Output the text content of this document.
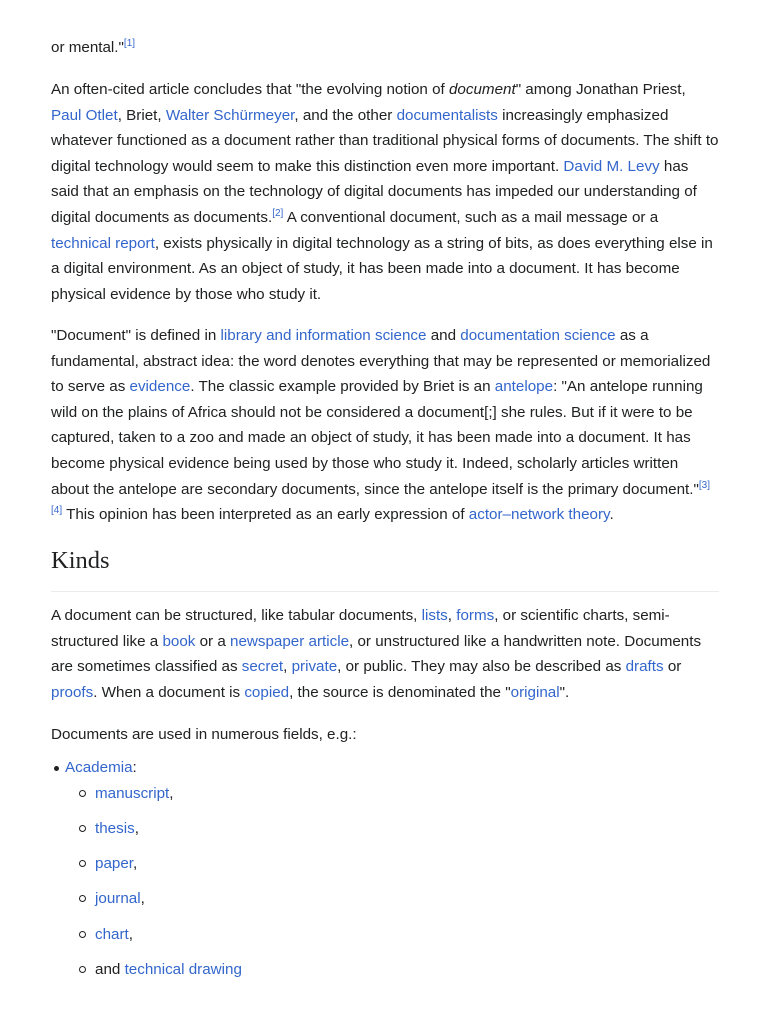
or mental."[1]

An often-cited article concludes that "the evolving notion of document" among Jonathan Priest, Paul Otlet, Briet, Walter Schürmeyer, and the other documentalists increasingly emphasized whatever functioned as a document rather than traditional physical forms of documents. The shift to digital technology would seem to make this distinction even more important. David M. Levy has said that an emphasis on the technology of digital documents has impeded our understanding of digital documents as documents.[2] A conventional document, such as a mail message or a technical report, exists physically in digital technology as a string of bits, as does everything else in a digital environment. As an object of study, it has been made into a document. It has become physical evidence by those who study it.

"Document" is defined in library and information science and documentation science as a fundamental, abstract idea: the word denotes everything that may be represented or memorialized to serve as evidence. The classic example provided by Briet is an antelope: "An antelope running wild on the plains of Africa should not be considered a document[;] she rules. But if it were to be captured, taken to a zoo and made an object of study, it has been made into a document. It has become physical evidence being used by those who study it. Indeed, scholarly articles written about the antelope are secondary documents, since the antelope itself is the primary document."[3][4] This opinion has been interpreted as an early expression of actor–network theory.

Kinds

A document can be structured, like tabular documents, lists, forms, or scientific charts, semi-structured like a book or a newspaper article, or unstructured like a handwritten note. Documents are sometimes classified as secret, private, or public. They may also be described as drafts or proofs. When a document is copied, the source is denominated the "original".

Documents are used in numerous fields, e.g.:

Academia:
manuscript,
thesis,
paper,
journal,
chart,
and technical drawing
